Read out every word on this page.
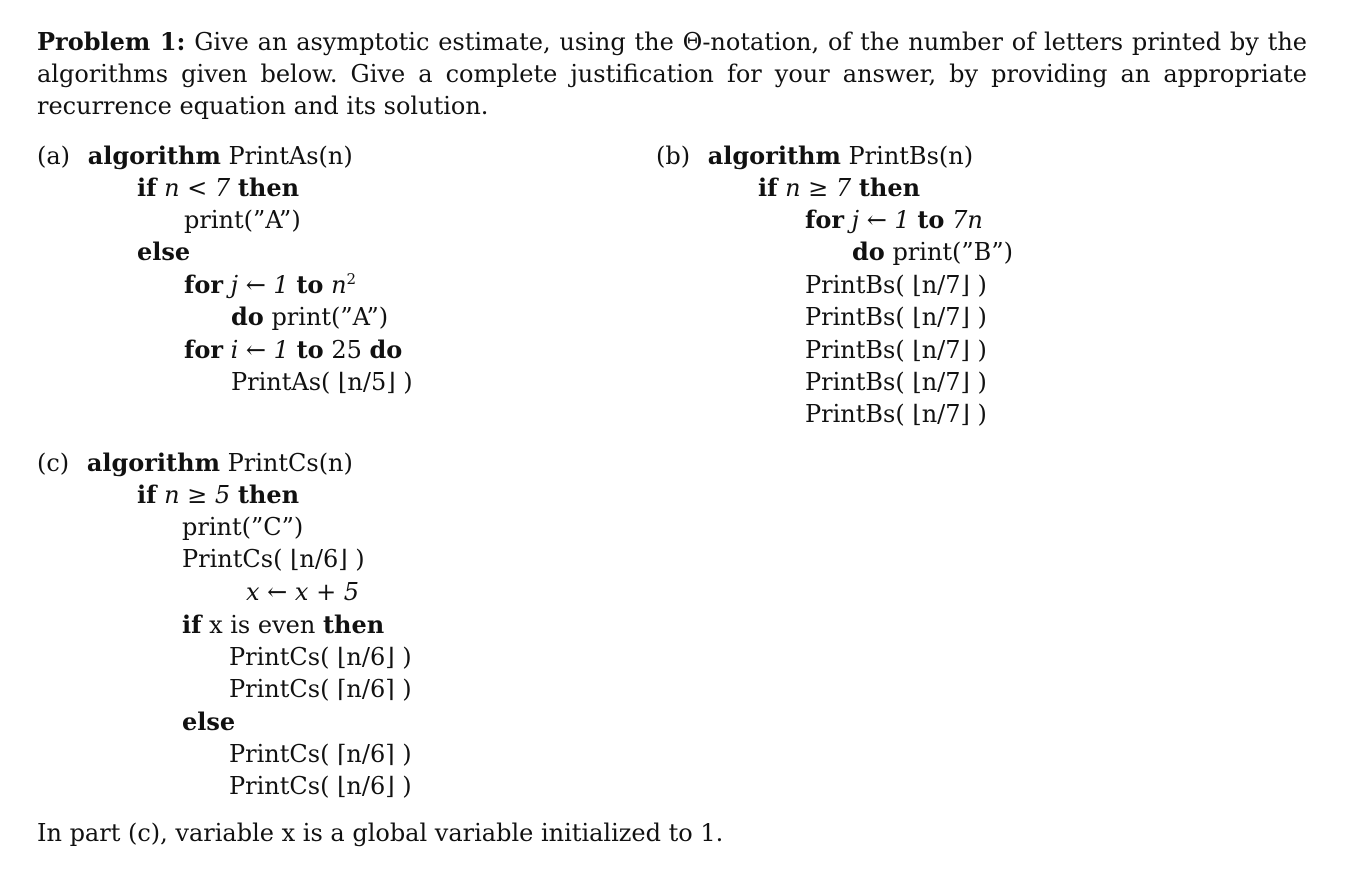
Problem 1: Give an asymptotic estimate, using the Θ-notation, of the number of letters printed by the algorithms given below. Give a complete justification for your answer, by providing an appropriate recurrence equation and its solution.
(a) algorithm PrintAs(n)
if n < 7 then
print(”A”)
else
for j ← 1 to $n^2$
do print(”A”)
for i ← 1 to 25 do
PrintAs( ⌊n/5⌋ )
(b) algorithm PrintBs(n)
if n ≥ 7 then
for j ← 1 to 7n
do print(”B”)
PrintBs( ⌊n/7⌋ )
PrintBs( ⌊n/7⌋ )
PrintBs( ⌊n/7⌋ )
PrintBs( ⌊n/7⌋ )
PrintBs( ⌊n/7⌋ )
(c) algorithm PrintCs(n)
if n ≥ 5 then
print(”C”)
PrintCs( ⌊n/6⌋ )
x ← x + 5
if x is even then
PrintCs( ⌊n/6⌋ )
PrintCs( ⌈n/6⌉ )
else
PrintCs( ⌈n/6⌉ )
PrintCs( ⌊n/6⌋ )
In part (c), variable x is a global variable initialized to 1.
